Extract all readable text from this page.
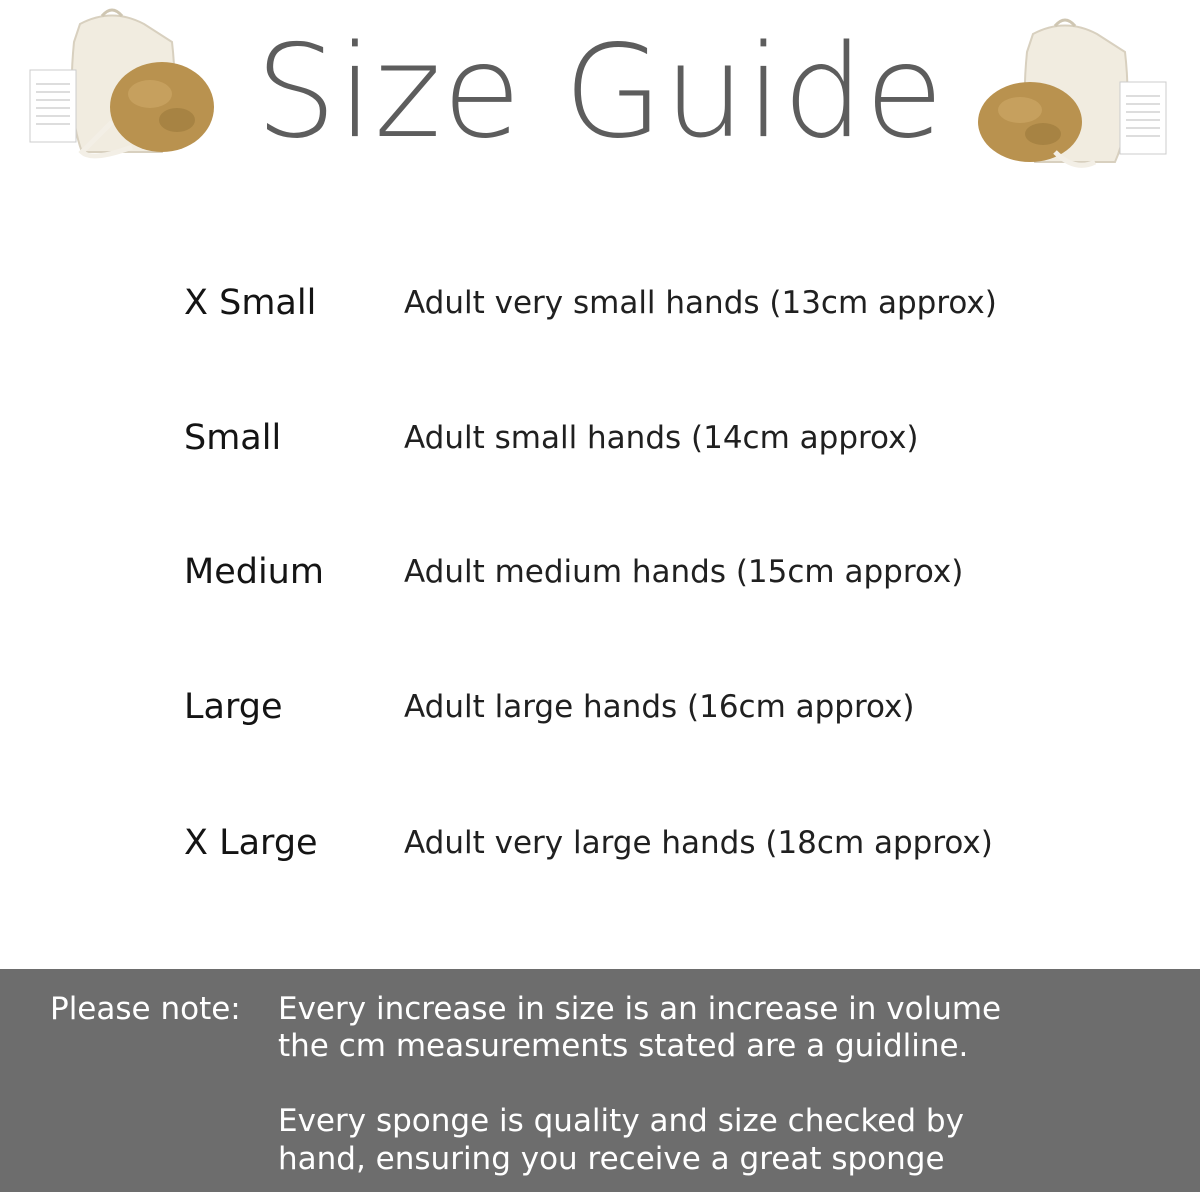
Size Guide
X Small	Adult very small hands (13cm approx)
Small	Adult small hands (14cm approx)
Medium	Adult medium hands (15cm approx)
Large	Adult large hands (16cm approx)
X Large	Adult very large hands (18cm approx)
Please note: Every increase in size is an increase in volume
the cm measurements stated are a guidline.
Every sponge is quality and size checked by
hand, ensuring you receive a great sponge
